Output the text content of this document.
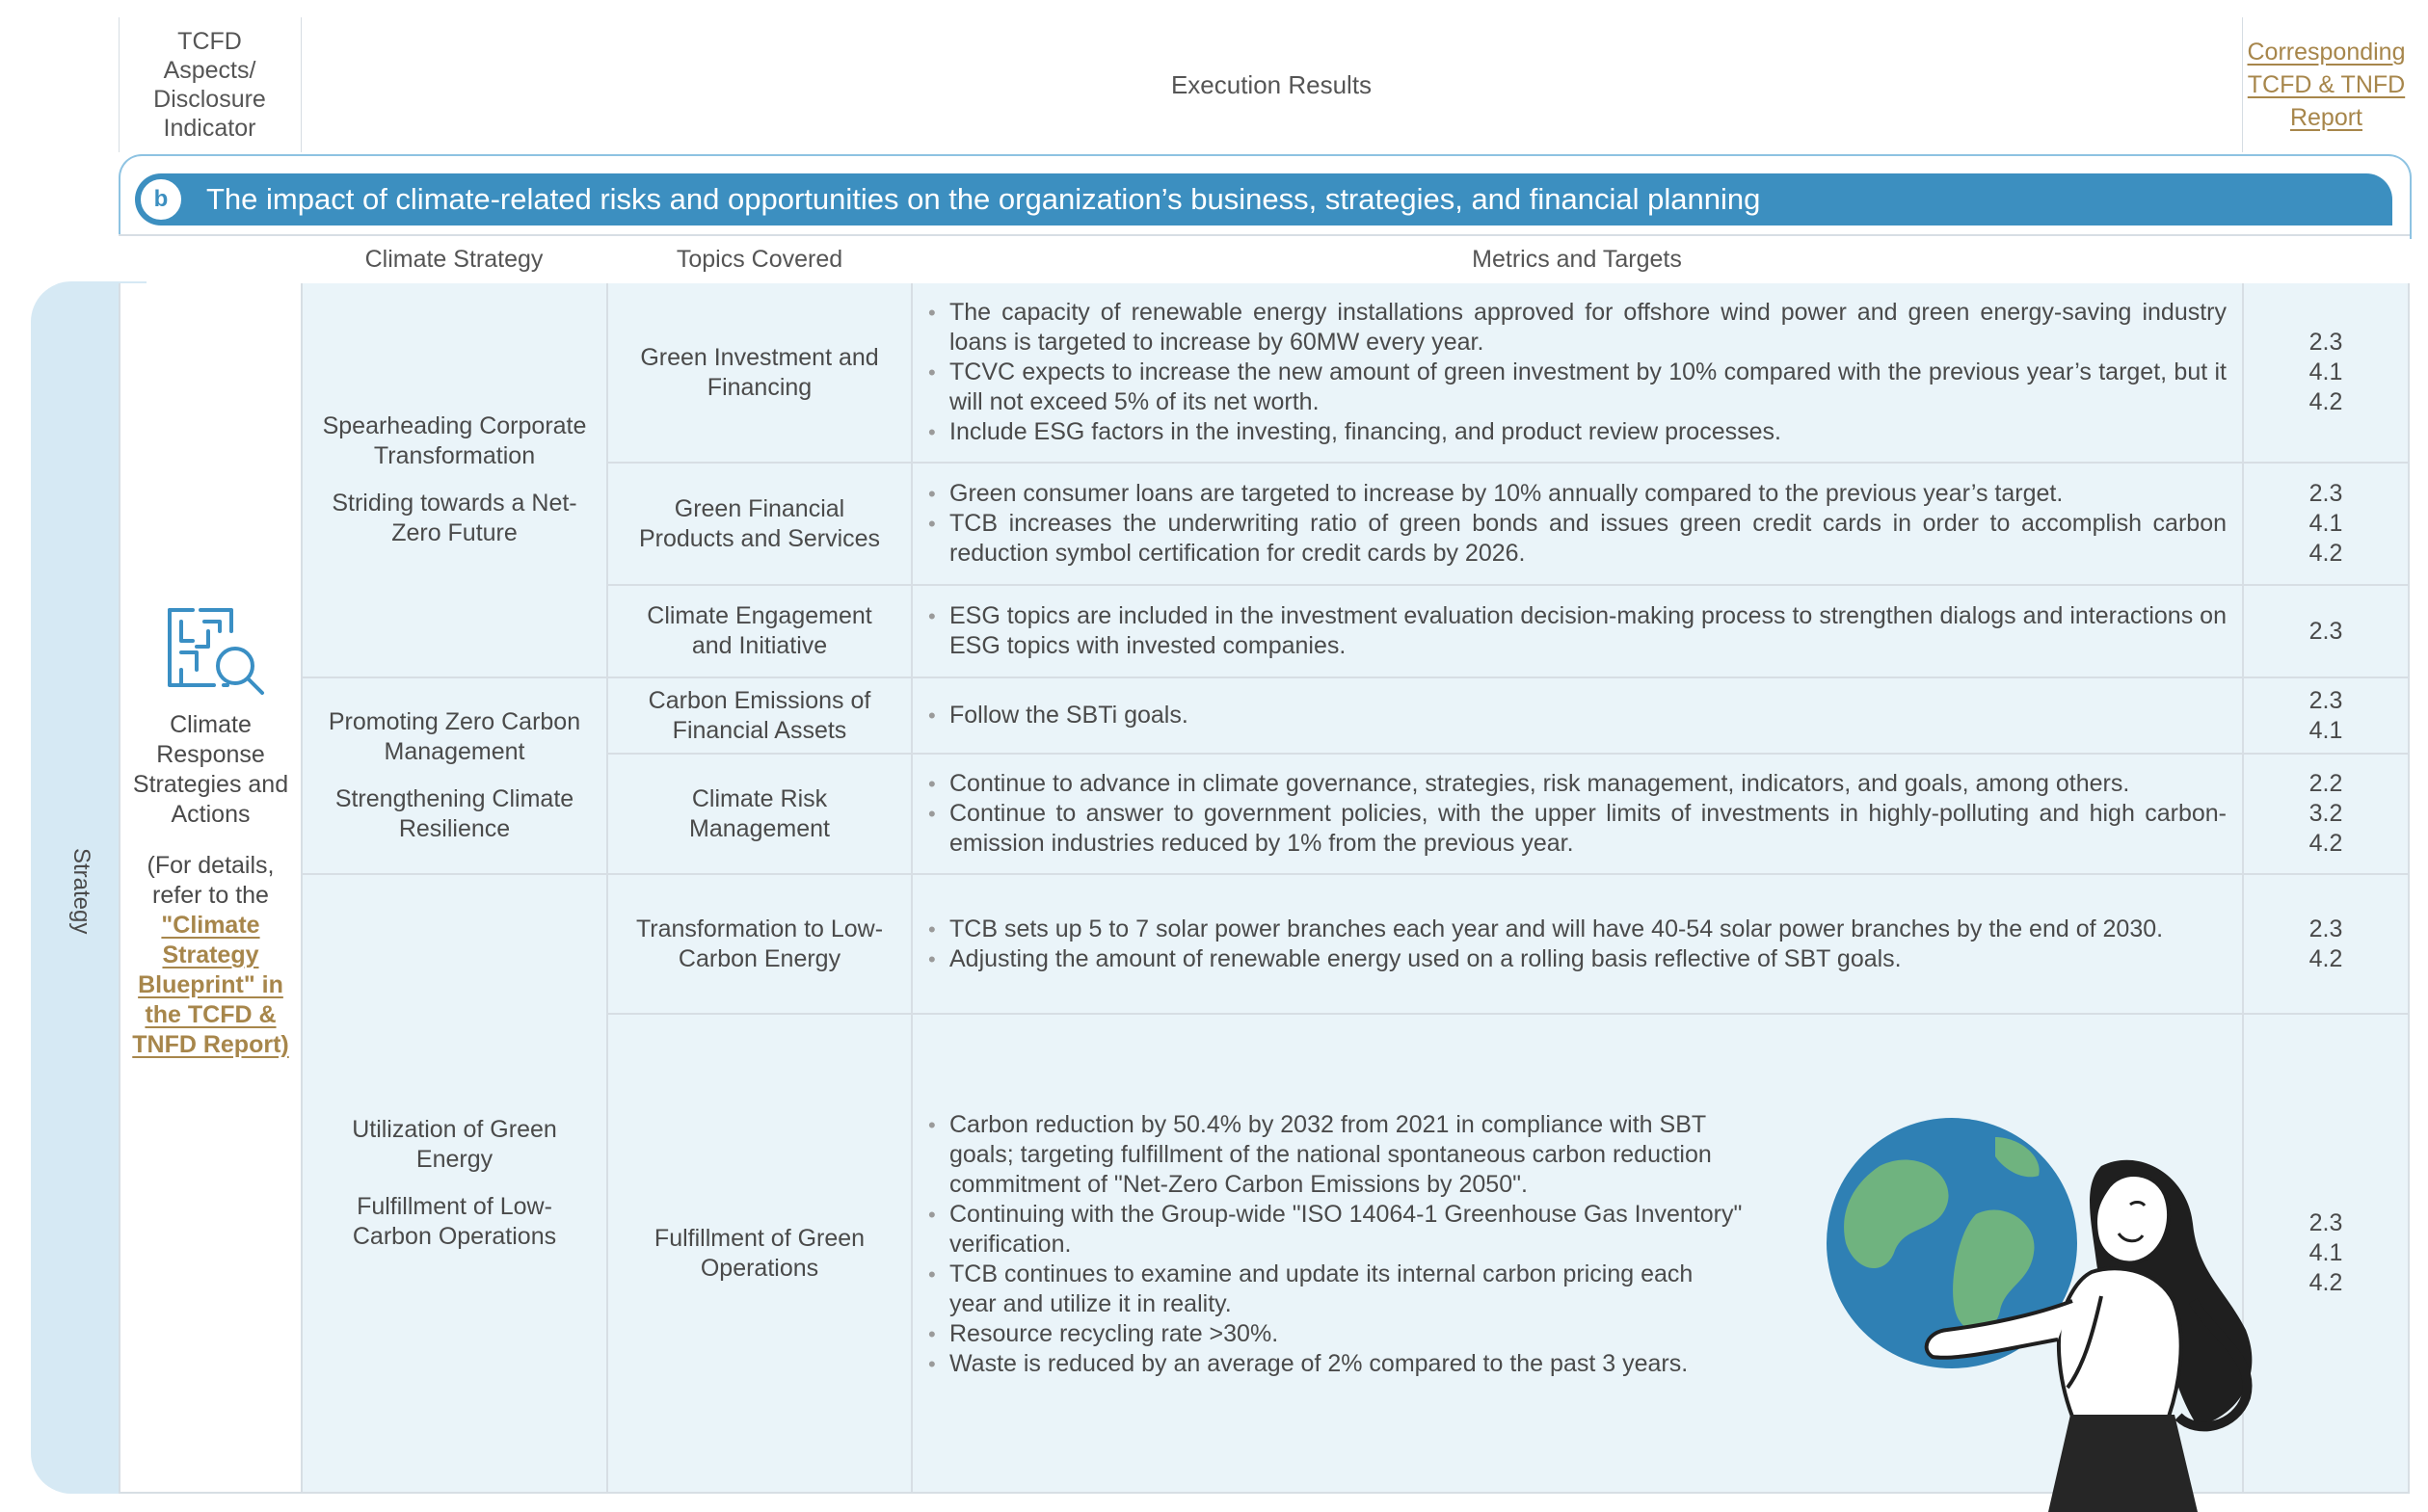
TCFD Aspects/ Disclosure Indicator
Execution Results
Corresponding TCFD & TNFD Report
The impact of climate-related risks and opportunities on the organization’s business, strategies, and financial planning
b
Climate Strategy	Topics Covered	Metrics and Targets
Strategy
Climate Response Strategies and Actions
(For details, refer to the "Climate Strategy Blueprint" in the TCFD & TNFD Report)
Spearheading Corporate Transformation
Striding towards a Net-Zero Future
Promoting Zero Carbon Management
Strengthening Climate Resilience
Utilization of Green Energy
Fulfillment of Low-Carbon Operations
Green Investment and Financing
• The capacity of renewable energy installations approved for offshore wind power and green energy-saving industry loans is targeted to increase by 60MW every year.
• TCVC expects to increase the new amount of green investment by 10% compared with the previous year’s target, but it will not exceed 5% of its net worth.
• Include ESG factors in the investing, financing, and product review processes.
2.3
4.1
4.2
Green Financial Products and Services
• Green consumer loans are targeted to increase by 10% annually compared to the previous year’s target.
• TCB increases the underwriting ratio of green bonds and issues green credit cards in order to accomplish carbon reduction symbol certification for credit cards by 2026.
2.3
4.1
4.2
Climate Engagement and Initiative
• ESG topics are included in the investment evaluation decision-making process to strengthen dialogs and interactions on ESG topics with invested companies.
2.3
Carbon Emissions of Financial Assets
• Follow the SBTi goals.
2.3
4.1
Climate Risk Management
• Continue to advance in climate governance, strategies, risk management, indicators, and goals, among others.
• Continue to answer to government policies, with the upper limits of investments in highly-polluting and high carbon-emission industries reduced by 1% from the previous year.
2.2
3.2
4.2
Transformation to Low-Carbon Energy
• TCB sets up 5 to 7 solar power branches each year and will have 40-54 solar power branches by the end of 2030.
• Adjusting the amount of renewable energy used on a rolling basis reflective of SBT goals.
2.3
4.2
Fulfillment of Green Operations
• Carbon reduction by 50.4% by 2032 from 2021 in compliance with SBT goals; targeting fulfillment of the national spontaneous carbon reduction commitment of "Net-Zero Carbon Emissions by 2050".
• Continuing with the Group-wide "ISO 14064-1 Greenhouse Gas Inventory" verification.
• TCB continues to examine and update its internal carbon pricing each year and utilize it in reality.
• Resource recycling rate >30%.
• Waste is reduced by an average of 2% compared to the past 3 years.
2.3
4.1
4.2
